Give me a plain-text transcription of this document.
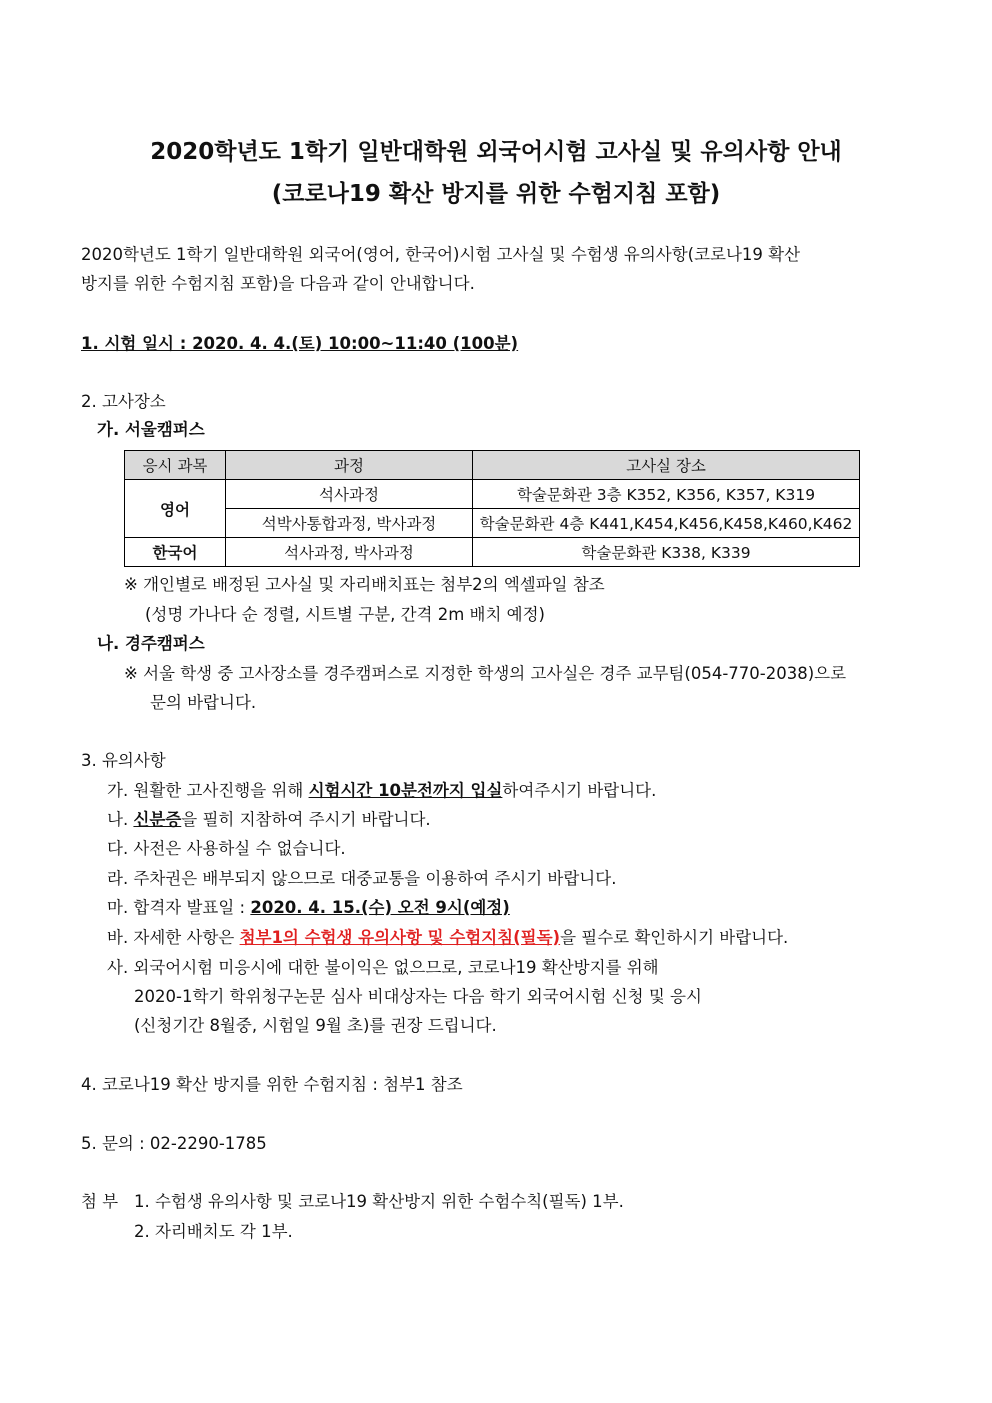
2020학년도 1학기 일반대학원 외국어시험 고사실 및 유의사항 안내
(코로나19 확산 방지를 위한 수험지침 포함)
2020학년도 1학기 일반대학원 외국어(영어, 한국어)시험 고사실 및 수험생 유의사항(코로나19 확산
방지를 위한 수험지침 포함)을 다음과 같이 안내합니다.
1. 시험 일시 : 2020. 4. 4.(토) 10:00~11:40 (100분)
2. 고사장소
가. 서울캠퍼스
응시 과목	과정	고사실 장소
영어	석사과정	학술문화관 3층 K352, K356, K357, K319
	석박사통합과정, 박사과정	학술문화관 4층 K441,K454,K456,K458,K460,K462
한국어	석사과정, 박사과정	학술문화관 K338, K339
※ 개인별로 배정된 고사실 및 자리배치표는 첨부2의 엑셀파일 참조
(성명 가나다 순 정렬, 시트별 구분, 간격 2m 배치 예정)
나. 경주캠퍼스
※ 서울 학생 중 고사장소를 경주캠퍼스로 지정한 학생의 고사실은 경주 교무팀(054-770-2038)으로
문의 바랍니다.
3. 유의사항
가. 원활한 고사진행을 위해 시험시간 10분전까지 입실하여주시기 바랍니다.
나. 신분증을 필히 지참하여 주시기 바랍니다.
다. 사전은 사용하실 수 없습니다.
라. 주차권은 배부되지 않으므로 대중교통을 이용하여 주시기 바랍니다.
마. 합격자 발표일 : 2020. 4. 15.(수) 오전 9시(예정)
바. 자세한 사항은 첨부1의 수험생 유의사항 및 수험지침(필독)을 필수로 확인하시기 바랍니다.
사. 외국어시험 미응시에 대한 불이익은 없으므로, 코로나19 확산방지를 위해
2020-1학기 학위청구논문 심사 비대상자는 다음 학기 외국어시험 신청 및 응시
(신청기간 8월중, 시험일 9월 초)를 권장 드립니다.
4. 코로나19 확산 방지를 위한 수험지침 : 첨부1 참조
5. 문의 : 02-2290-1785
첨 부 1. 수험생 유의사항 및 코로나19 확산방지 위한 수험수칙(필독) 1부.
2. 자리배치도 각 1부.
